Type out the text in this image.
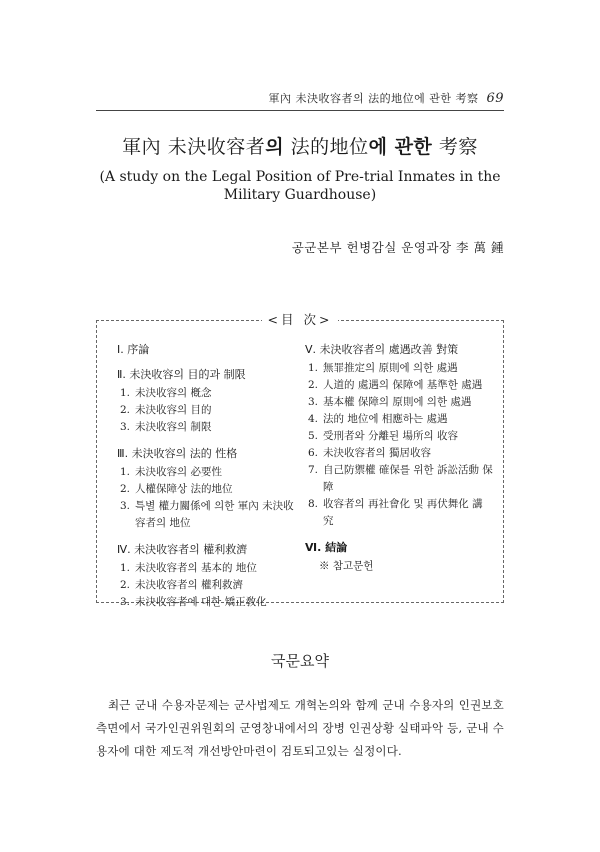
軍內 未決收容者의 法的地位에 관한 考察 69
軍內 未決收容者의 法的地位에 관한 考察
(A study on the Legal Position of Pre-trial Inmates in the
Military Guardhouse)
공군본부 헌병감실 운영과장 李 萬 鍾
<目 次>
Ⅰ. 序論
Ⅱ. 未決收容의 目的과 制限
1. 未決收容의 槪念
2. 未決收容의 目的
3. 未決收容의 制限
Ⅲ. 未決收容의 法的 性格
1. 未決收容의 必要性
2. 人權保障상 法的地位
3. 특별 權力關係에 의한 軍內 未決收容者의 地位
Ⅳ. 未決收容者의 權利救濟
1. 未決收容者의 基本的 地位
2. 未決收容者의 權利救濟
3. 未決收容者에 대한 矯正敎化
Ⅴ. 未決收容者의 處遇改善 對策
1. 無罪推定의 原則에 의한 處遇
2. 人道的 處遇의 保障에 基準한 處遇
3. 基本權 保障의 原則에 의한 處遇
4. 法的 地位에 相應하는 處遇
5. 受刑者와 分離된 場所의 收容
6. 未決收容者의 獨居收容
7. 自己防禦權 確保를 위한 訴訟活動 保障
8. 收容者의 再社會化 및 再伏舞化 講究
Ⅵ. 結論
※ 참고문헌
국문요약
최근 군내 수용자문제는 군사법제도 개혁논의와 함께 군내 수용자의 인권보호측면에서 국가인권위원회의 군영창내에서의 장병 인권상황 실태파악 등, 군내 수용자에 대한 제도적 개선방안마련이 검토되고있는 실정이다.
